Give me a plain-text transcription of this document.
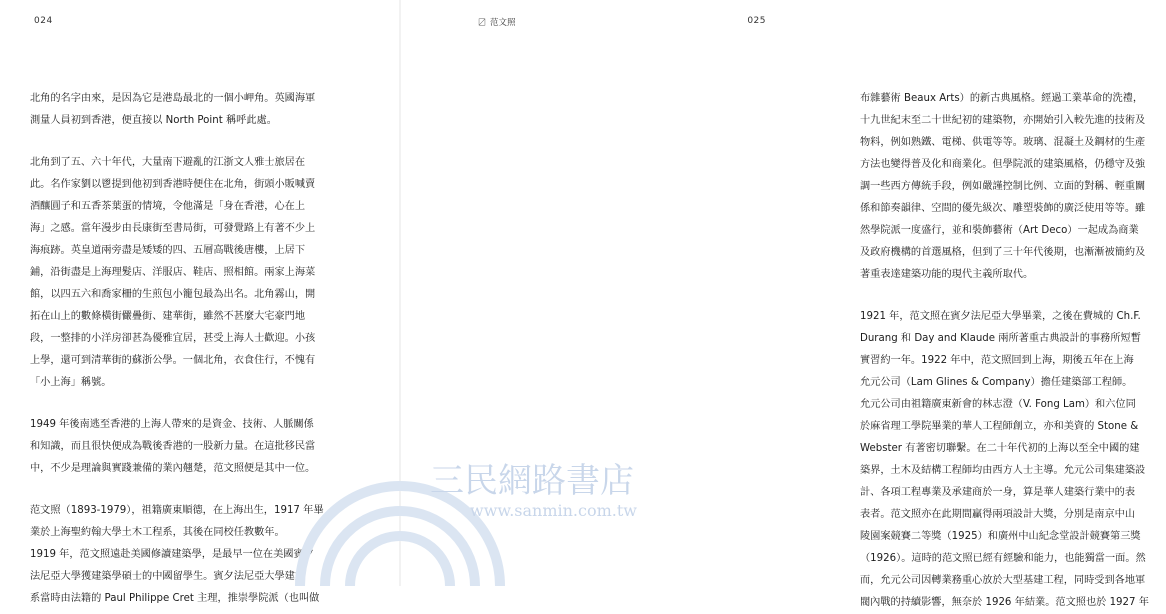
024
北角的名字由來，是因為它是港島最北的一個小岬角。英國海軍
測量人員初到香港，便直接以 North Point 稱呼此處。
北角到了五、六十年代，大量南下避亂的江浙文人雅士旅居在
此。名作家劉以鬯提到他初到香港時便住在北角，街頭小販喊賣
酒釀圓子和五香茶葉蛋的情境，令他滿是「身在香港，心在上
海」之感。當年漫步由長康街至書局街，可發覺路上有著不少上
海痕跡。英皇道兩旁盡是矮矮的四、五層高戰後唐樓，上居下
鋪，沿街盡是上海理髮店、洋服店、鞋店、照相館。兩家上海菜
館，以四五六和喬家柵的生煎包小籠包最為出名。北角霧山，開
拓在山上的數條橫街儼疊街、建華街，雖然不甚麼大宅豪門地
段，一整排的小洋房卻甚為優雅宜居，甚受上海人士歡迎。小孩
上學，還可到清華街的蘇浙公學。一個北角，衣食住行，不愧有
「小上海」稱號。
1949 年後南逃至香港的上海人帶來的是資金、技術、人脈關係
和知識，而且很快便成為戰後香港的一股新力量。在這批移民當
中，不少是理論與實踐兼備的業內翹楚，范文照便是其中一位。
范文照（1893-1979），祖籍廣東順德，在上海出生，1917 年畢
業於上海聖約翰大學土木工程系，其後在同校任教數年。
1919 年，范文照遠赴美國修讀建築學，是最早一位在美國賓夕
法尼亞大學獲建築學碩士的中國留學生。賓夕法尼亞大學建築
系當時由法籍的 Paul Philippe Cret 主理，推崇學院派（也叫做
025
布雜藝術 Beaux Arts）的新古典風格。經過工業革命的洗禮，
十九世紀末至二十世紀初的建築物，亦開始引入較先進的技術及
物料，例如熟鐵、電梯、供電等等。玻璃、混凝土及鋼材的生產
方法也變得普及化和商業化。但學院派的建築風格，仍穩守及強
調一些西方傳統手段，例如嚴謹控制比例、立面的對稱、輕重關
係和節奏韻律、空間的優先級次、雕塑裝飾的廣泛使用等等。雖
然學院派一度盛行，並和裝飾藝術（Art Deco）一起成為商業
及政府機構的首選風格，但到了三十年代後期，也漸漸被簡約及
著重表達建築功能的現代主義所取代。
1921 年，范文照在賓夕法尼亞大學畢業，之後在費城的 Ch.F.
Durang 和 Day and Klaude 兩所著重古典設計的事務所短暫
實習約一年。1922 年中，范文照回到上海，期後五年在上海
允元公司（Lam Glines & Company）擔任建築部工程師。
允元公司由祖籍廣東新會的林志澄（V. Fong Lam）和六位同
於麻省理工學院畢業的華人工程師創立，亦和美資的 Stone &
Webster 有著密切聯繫。在二十年代初的上海以至全中國的建
築界，土木及結構工程師均由西方人士主導。允元公司集建築設
計、各項工程專業及承建商於一身，算是華人建築行業中的表
表者。范文照亦在此期間贏得兩項設計大獎，分別是南京中山
陵園案競賽二等獎（1925）和廣州中山紀念堂設計競賽第三獎
（1926）。這時的范文照已經有經驗和能力，也能獨當一面。然
而，允元公司因轉業務重心放於大型基建工程，同時受到各地軍
閥內戰的持續影響，無奈於 1926 年結業。范文照也於 1927 年
〼 范文照
三民網路書店
www.sanmin.com.tw
